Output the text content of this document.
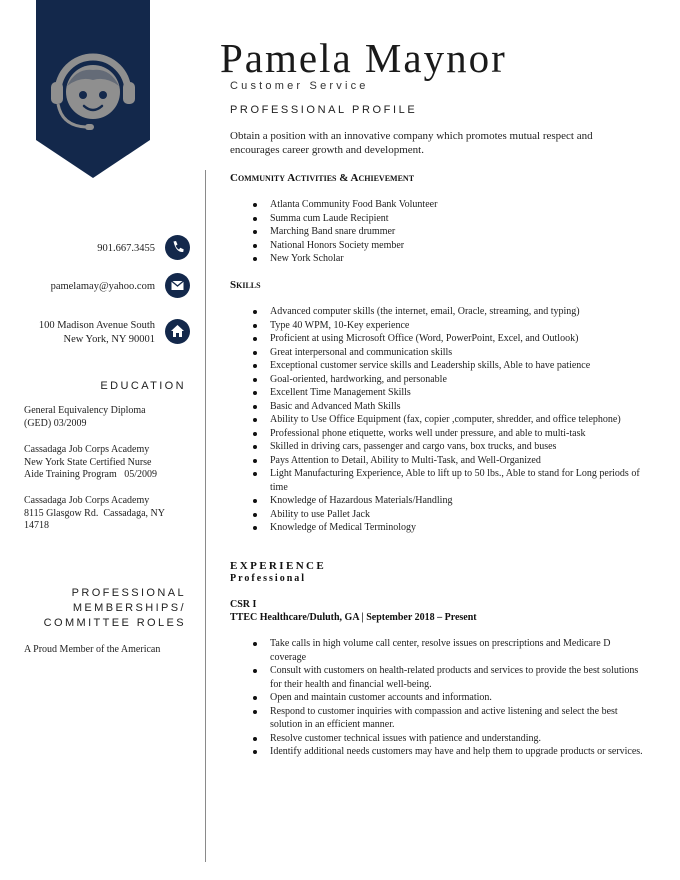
Pamela Maynor
Customer Service
901.667.3455
pamelamay@yahoo.com
100 Madison Avenue South
New York, NY 90001
EDUCATION
General Equivalency Diploma
(GED) 03/2009
Cassadaga Job Corps Academy
New York State Certified Nurse
Aide Training Program   05/2009
Cassadaga Job Corps Academy
8115 Glasgow Rd.  Cassadaga, NY
14718
PROFESSIONAL
MEMBERSHIPS/
COMMITTEE ROLES
A Proud Member of the American
PROFESSIONAL PROFILE
Obtain a position with an innovative company which promotes mutual respect and encourages career growth and development.
Community Activities & Achievement
Atlanta Community Food Bank Volunteer
Summa cum Laude Recipient
Marching Band snare drummer
National Honors Society member
New York Scholar
Skills
Advanced computer skills (the internet, email, Oracle, streaming, and typing)
Type 40 WPM, 10-Key experience
Proficient at using Microsoft Office (Word, PowerPoint, Excel, and Outlook)
Great interpersonal and communication skills
Exceptional customer service skills and Leadership skills, Able to have patience
Goal-oriented, hardworking, and personable
Excellent Time Management Skills
Basic and Advanced Math Skills
Ability to Use Office Equipment (fax, copier ,computer, shredder, and office telephone)
Professional phone etiquette, works well under pressure, and able to multi-task
Skilled in driving cars, passenger and cargo vans, box trucks, and buses
Pays Attention to Detail, Ability to Multi-Task, and Well-Organized
Light Manufacturing Experience, Able to lift up to 50 lbs., Able to stand for Long periods of time
Knowledge of Hazardous Materials/Handling
Ability to use Pallet Jack
Knowledge of Medical Terminology
EXPERIENCE
Professional
CSR I
TTEC Healthcare/Duluth, GA | September 2018 – Present
Take calls in high volume call center, resolve issues on prescriptions and Medicare D coverage
Consult with customers on health-related products and services to provide the best solutions for their health and financial well-being.
Open and maintain customer accounts and information.
Respond to customer inquiries with compassion and active listening and select the best solution in an efficient manner.
Resolve customer technical issues with patience and understanding.
Identify additional needs customers may have and help them to upgrade products or services.
